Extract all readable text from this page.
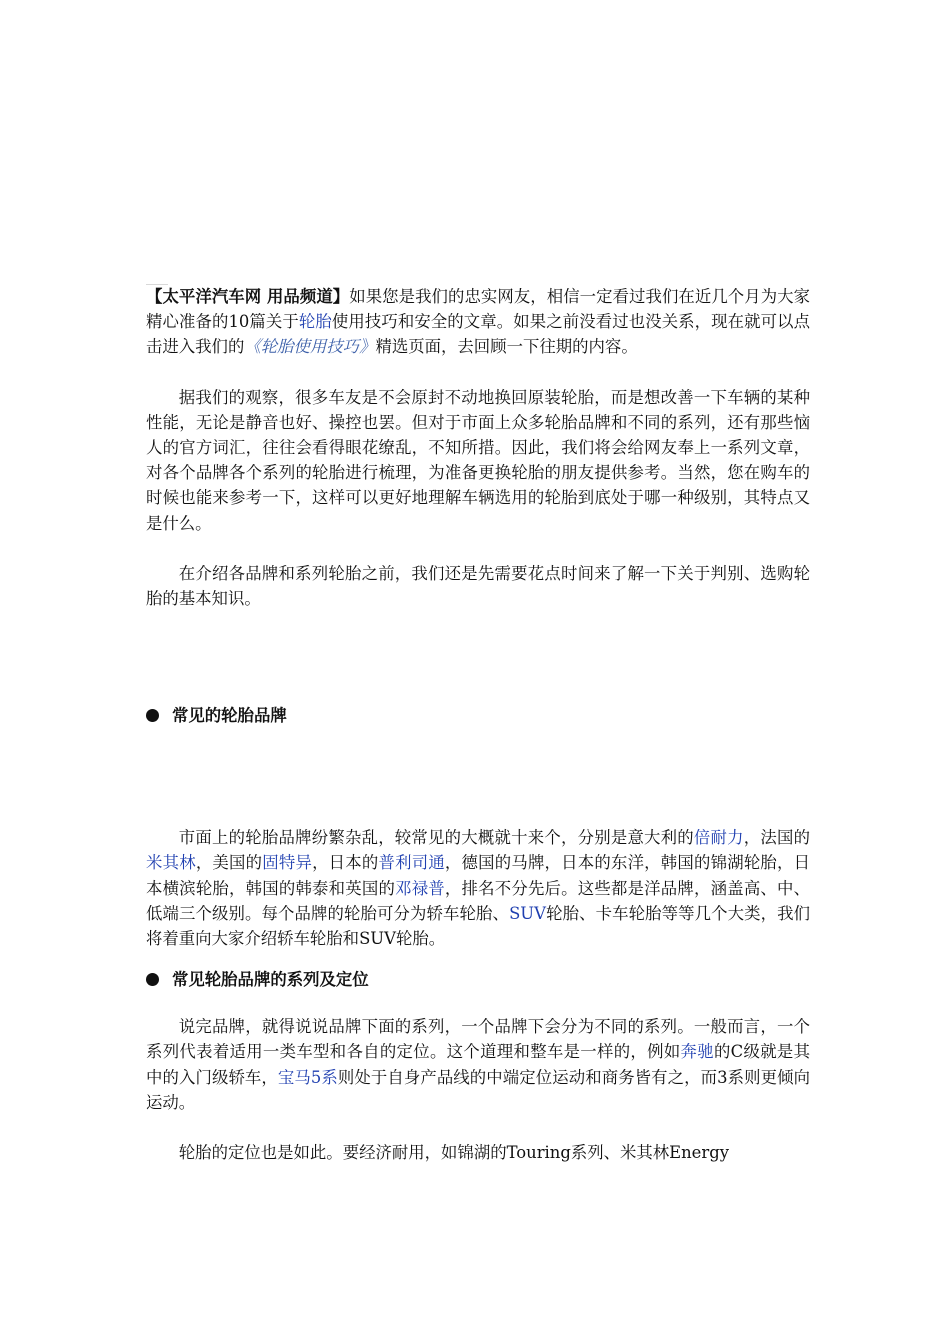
【太平洋汽车网 用品频道】如果您是我们的忠实网友，相信一定看过我们在近几个月为大家精心准备的10篇关于轮胎使用技巧和安全的文章。如果之前没看过也没关系，现在就可以点击进入我们的《轮胎使用技巧》精选页面，去回顾一下往期的内容。

据我们的观察，很多车友是不会原封不动地换回原装轮胎，而是想改善一下车辆的某种性能，无论是静音也好、操控也罢。但对于市面上众多轮胎品牌和不同的系列，还有那些恼人的官方词汇，往往会看得眼花缭乱，不知所措。因此，我们将会给网友奉上一系列文章，对各个品牌各个系列的轮胎进行梳理，为准备更换轮胎的朋友提供参考。当然，您在购车的时候也能来参考一下，这样可以更好地理解车辆选用的轮胎到底处于哪一种级别，其特点又是什么。

在介绍各品牌和系列轮胎之前，我们还是先需要花点时间来了解一下关于判别、选购轮胎的基本知识。

常见的轮胎品牌

市面上的轮胎品牌纷繁杂乱，较常见的大概就十来个，分别是意大利的倍耐力，法国的米其林，美国的固特异，日本的普利司通，德国的马牌，日本的东洋，韩国的锦湖轮胎，日本横滨轮胎，韩国的韩泰和英国的邓禄普，排名不分先后。这些都是洋品牌，涵盖高、中、低端三个级别。每个品牌的轮胎可分为轿车轮胎、SUV轮胎、卡车轮胎等等几个大类，我们将着重向大家介绍轿车轮胎和SUV轮胎。

常见轮胎品牌的系列及定位

说完品牌，就得说说品牌下面的系列，一个品牌下会分为不同的系列。一般而言，一个系列代表着适用一类车型和各自的定位。这个道理和整车是一样的，例如奔驰的C级就是其中的入门级轿车，宝马5系则处于自身产品线的中端定位运动和商务皆有之，而3系则更倾向运动。

轮胎的定位也是如此。要经济耐用，如锦湖的Touring系列、米其林Energy
